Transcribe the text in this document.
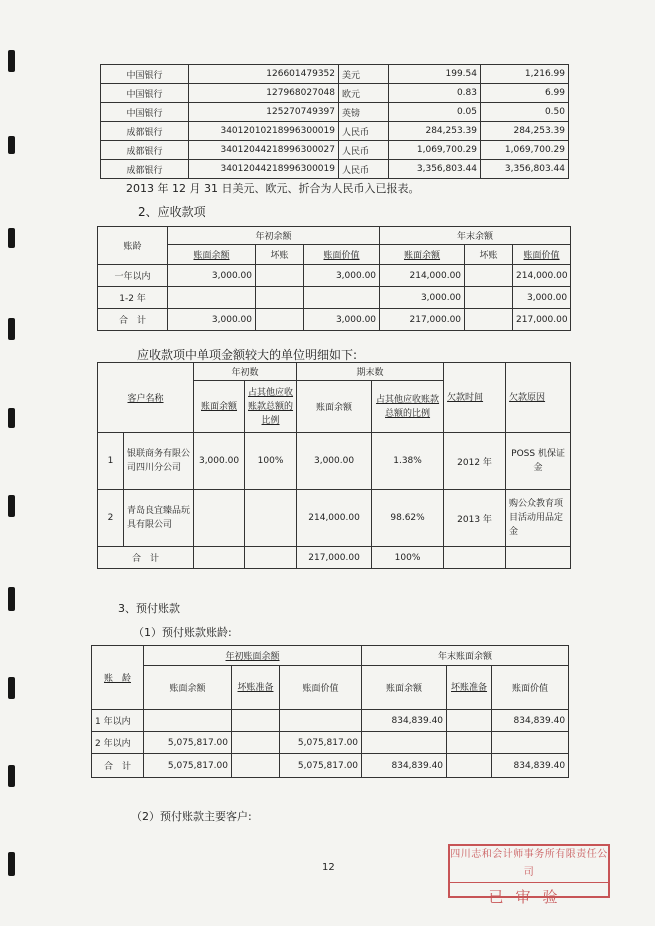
中国银行	126601479352	美元	199.54	1,216.99
中国银行	127968027048	欧元	0.83	6.99
中国银行	125270749397	英镑	0.05	0.50
成都银行	34012010218996300019	人民币	284,253.39	284,253.39
成都银行	34012044218996300027	人民币	1,069,700.29	1,069,700.29
成都银行	34012044218996300019	人民币	3,356,803.44	3,356,803.44
2013 年 12 月 31 日美元、欧元、折合为人民币入已报表。
2、应收款项
账龄	年初余额			年末余额		
	账面余额	坏账	账面价值	账面余额	坏账	账面价值
一年以内	3,000.00		3,000.00	214,000.00		214,000.00
1-2 年				3,000.00		3,000.00
合　计	3,000.00		3,000.00	217,000.00		217,000.00
应收款项中单项金额较大的单位明细如下:
客户名称		年初数		期末数		欠款时间	欠款原因
		账面余额	占其他应收账款总额的比例	账面余额	占其他应收账款总额的比例		
1	银联商务有限公司四川分公司	3,000.00	100%	3,000.00	1.38%	2012 年	POSS 机保证金
2	青岛良宜臻品玩具有限公司			214,000.00	98.62%	2013 年	购公众教育项目活动用品定金
合　计				217,000.00	100%		
3、预付账款
（1）预付账款账龄:
账　龄	年初账面余额			年末账面余额		
	账面余额	坏账准备	账面价值	账面余额	坏账准备	账面价值
1 年以内				834,839.40		834,839.40
2 年以内	5,075,817.00		5,075,817.00			
合　计	5,075,817.00		5,075,817.00	834,839.40		834,839.40
（2）预付账款主要客户:
12
四川志和会计师事务所有限责任公司
已审验
